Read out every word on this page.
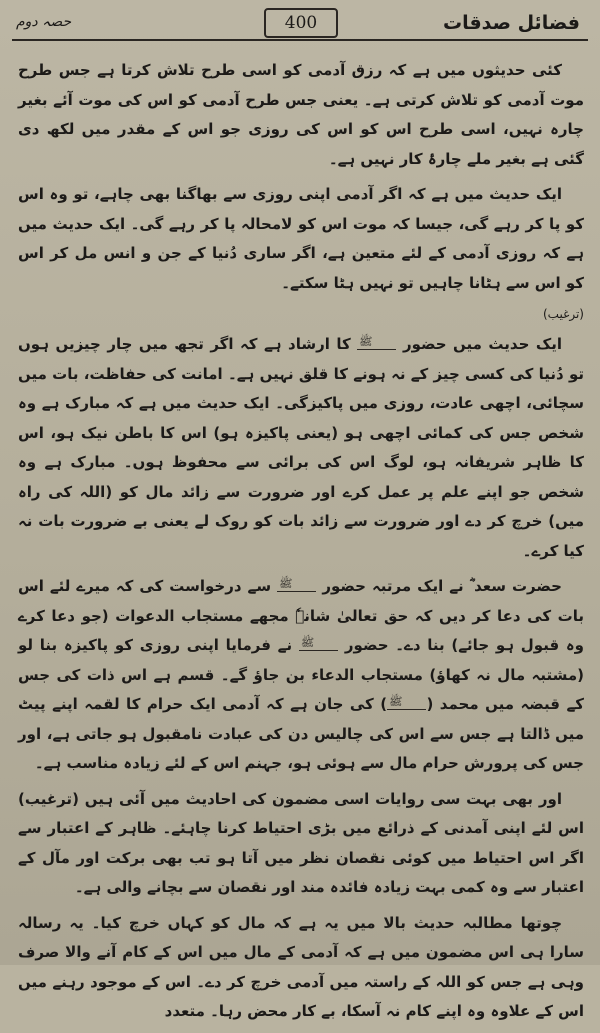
فضائل صدقات
400
حصہ دوم

کئی حدیثوں میں ہے کہ رزق آدمی کو اسی طرح تلاش کرتا ہے جس طرح موت آدمی کو تلاش کرتی ہے۔ یعنی جس طرح آدمی کو اس کی موت آئے بغیر چارہ نہیں، اسی طرح اس کو اس کی روزی جو اس کے مقدر میں لکھ دی گئی ہے بغیر ملے چارۂ کار نہیں ہے۔

ایک حدیث میں ہے کہ اگر آدمی اپنی روزی سے بھاگنا بھی چاہے، تو وہ اس کو پا کر رہے گی، جیسا کہ موت اس کو لامحالہ پا کر رہے گی۔ ایک حدیث میں ہے کہ روزی آدمی کے لئے متعین ہے، اگر ساری دُنیا کے جن و انس مل کر اس کو اس سے ہٹانا چاہیں تو نہیں ہٹا سکتے۔

(ترغیب)

ایک حدیث میں حضور ﷺ کا ارشاد ہے کہ اگر تجھ میں چار چیزیں ہوں تو دُنیا کی کسی چیز کے نہ ہونے کا قلق نہیں ہے۔ امانت کی حفاظت، بات میں سچائی، اچھی عادت، روزی میں پاکیزگی۔ ایک حدیث میں ہے کہ مبارک ہے وہ شخص جس کی کمائی اچھی ہو (یعنی پاکیزہ ہو) اس کا باطن نیک ہو، اس کا ظاہر شریفانہ ہو، لوگ اس کی برائی سے محفوظ ہوں۔ مبارک ہے وہ شخص جو اپنے علم پر عمل کرے اور ضرورت سے زائد مال کو (اللہ کی راہ میں) خرچ کر دے اور ضرورت سے زائد بات کو روک لے یعنی بے ضرورت بات نہ کیا کرے۔

حضرت سعد ؓ نے ایک مرتبہ حضور ﷺ سے درخواست کی کہ میرے لئے اس بات کی دعا کر دیں کہ حق تعالیٰ شانہٗ مجھے مستجاب الدعوات (جو دعا کرے وہ قبول ہو جائے) بنا دے۔ حضور ﷺ نے فرمایا اپنی روزی کو پاکیزہ بنا لو (مشتبہ مال نہ کھاؤ) مستجاب الدعاء بن جاؤ گے۔ قسم ہے اس ذات کی جس کے قبضہ میں محمد (ﷺ) کی جان ہے کہ آدمی ایک حرام کا لقمہ اپنے پیٹ میں ڈالتا ہے جس سے اس کی چالیس دن کی عبادت نامقبول ہو جاتی ہے، اور جس کی پرورش حرام مال سے ہوئی ہو، جہنم اس کے لئے زیادہ مناسب ہے۔

اور بھی بہت سی روایات اسی مضمون کی احادیث میں آئی ہیں (ترغیب) اس لئے اپنی آمدنی کے ذرائع میں بڑی احتیاط کرنا چاہئے۔ ظاہر کے اعتبار سے اگر اس احتیاط میں کوئی نقصان نظر میں آتا ہو تب بھی برکت اور مآل کے اعتبار سے وہ کمی بہت زیادہ فائدہ مند اور نقصان سے بچانے والی ہے۔

چوتھا مطالبہ حدیث بالا میں یہ ہے کہ مال کو کہاں خرچ کیا۔ یہ رسالہ سارا ہی اس مضمون میں ہے کہ آدمی کے مال میں اس کے کام آنے والا صرف وہی ہے جس کو اللہ کے راستہ میں آدمی خرچ کر دے۔ اس کے موجود رہنے میں اس کے علاوہ وہ اپنے کام نہ آسکا، بے کار محض رہا۔ متعدد
